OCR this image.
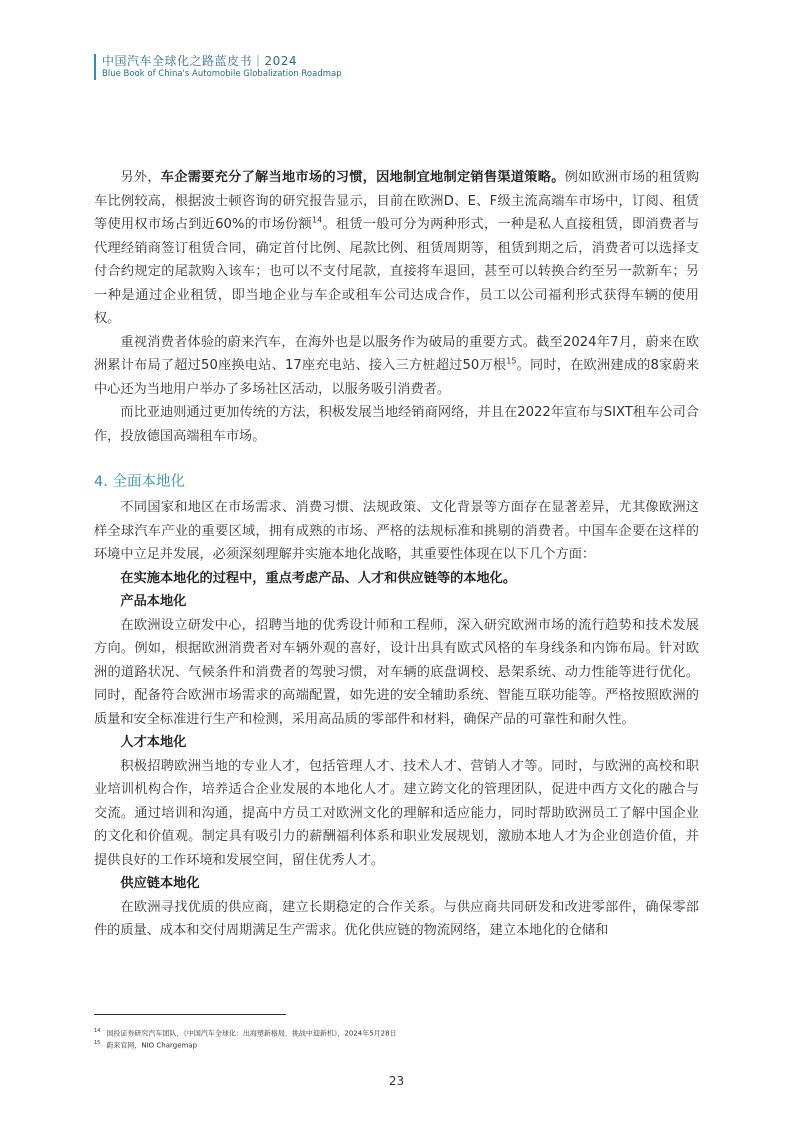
中国汽车全球化之路蓝皮书｜2024
Blue Book of China's Automobile Globalization Roadmap

另外，车企需要充分了解当地市场的习惯，因地制宜地制定销售渠道策略。例如欧洲市场的租赁购车比例较高，根据波士顿咨询的研究报告显示，目前在欧洲D、E、F级主流高端车市场中，订阅、租赁等使用权市场占到近60%的市场份额$^{14}$。租赁一般可分为两种形式，一种是私人直接租赁，即消费者与代理经销商签订租赁合同，确定首付比例、尾款比例、租赁周期等，租赁到期之后，消费者可以选择支付合约规定的尾款购入该车；也可以不支付尾款，直接将车退回，甚至可以转换合约至另一款新车；另一种是通过企业租赁，即当地企业与车企或租车公司达成合作，员工以公司福利形式获得车辆的使用权。

重视消费者体验的蔚来汽车，在海外也是以服务作为破局的重要方式。截至2024年7月，蔚来在欧洲累计布局了超过50座换电站、17座充电站、接入三方桩超过50万根$^{15}$。同时，在欧洲建成的8家蔚来中心还为当地用户举办了多场社区活动，以服务吸引消费者。

而比亚迪则通过更加传统的方法，积极发展当地经销商网络，并且在2022年宣布与SIXT租车公司合作，投放德国高端租车市场。

4. 全面本地化

不同国家和地区在市场需求、消费习惯、法规政策、文化背景等方面存在显著差异，尤其像欧洲这样全球汽车产业的重要区域，拥有成熟的市场、严格的法规标准和挑剔的消费者。中国车企要在这样的环境中立足并发展，必须深刻理解并实施本地化战略，其重要性体现在以下几个方面：

在实施本地化的过程中，重点考虑产品、人才和供应链等的本地化。
产品本地化

在欧洲设立研发中心，招聘当地的优秀设计师和工程师，深入研究欧洲市场的流行趋势和技术发展方向。例如，根据欧洲消费者对车辆外观的喜好，设计出具有欧式风格的车身线条和内饰布局。针对欧洲的道路状况、气候条件和消费者的驾驶习惯，对车辆的底盘调校、悬架系统、动力性能等进行优化。同时，配备符合欧洲市场需求的高端配置，如先进的安全辅助系统、智能互联功能等。严格按照欧洲的质量和安全标准进行生产和检测，采用高品质的零部件和材料，确保产品的可靠性和耐久性。

人才本地化

积极招聘欧洲当地的专业人才，包括管理人才、技术人才、营销人才等。同时，与欧洲的高校和职业培训机构合作，培养适合企业发展的本地化人才。建立跨文化的管理团队，促进中西方文化的融合与交流。通过培训和沟通，提高中方员工对欧洲文化的理解和适应能力，同时帮助欧洲员工了解中国企业的文化和价值观。制定具有吸引力的薪酬福利体系和职业发展规划，激励本地人才为企业创造价值，并提供良好的工作环境和发展空间，留住优秀人才。

供应链本地化

在欧洲寻找优质的供应商，建立长期稳定的合作关系。与供应商共同研发和改进零部件，确保零部件的质量、成本和交付周期满足生产需求。优化供应链的物流网络，建立本地化的仓储和

$^{14}$ 国投证券研究汽车团队，《中国汽车全球化：出海塑新格局，挑战中迎新机》，2024年5月28日
$^{15}$ 蔚来官网，NIO Chargemap
23
